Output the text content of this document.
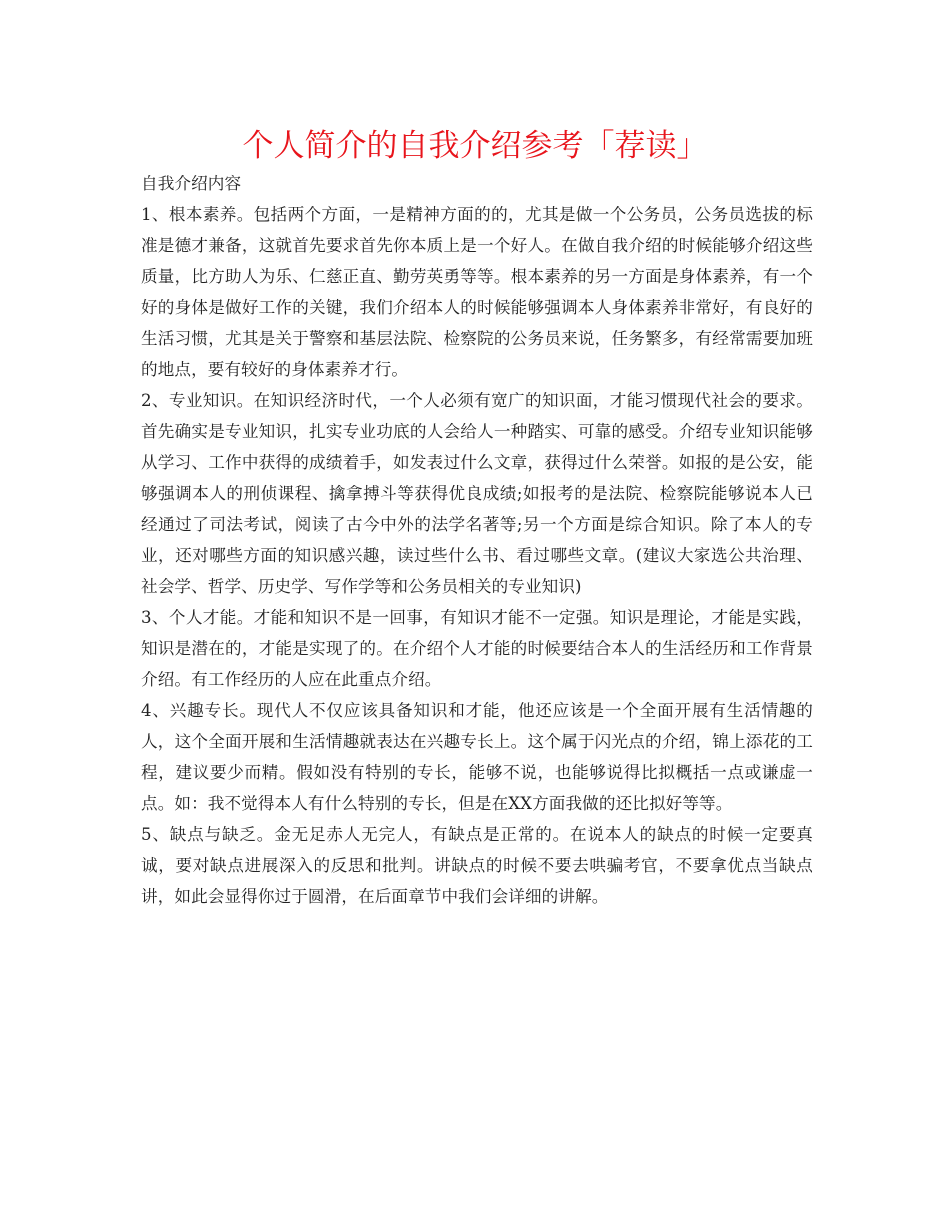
个人简介的自我介绍参考「荐读」

自我介绍内容

1、根本素养。包括两个方面，一是精神方面的的，尤其是做一个公务员，公务员选拔的标准是德才兼备，这就首先要求首先你本质上是一个好人。在做自我介绍的时候能够介绍这些质量，比方助人为乐、仁慈正直、勤劳英勇等等。根本素养的另一方面是身体素养，有一个好的身体是做好工作的关键，我们介绍本人的时候能够强调本人身体素养非常好，有良好的生活习惯，尤其是关于警察和基层法院、检察院的公务员来说，任务繁多，有经常需要加班的地点，要有较好的身体素养才行。

2、专业知识。在知识经济时代，一个人必须有宽广的知识面，才能习惯现代社会的要求。首先确实是专业知识，扎实专业功底的人会给人一种踏实、可靠的感受。介绍专业知识能够从学习、工作中获得的成绩着手，如发表过什么文章，获得过什么荣誉。如报的是公安，能够强调本人的刑侦课程、擒拿搏斗等获得优良成绩;如报考的是法院、检察院能够说本人已经通过了司法考试，阅读了古今中外的法学名著等;另一个方面是综合知识。除了本人的专业，还对哪些方面的知识感兴趣，读过些什么书、看过哪些文章。(建议大家选公共治理、社会学、哲学、历史学、写作学等和公务员相关的专业知识)

3、个人才能。才能和知识不是一回事，有知识才能不一定强。知识是理论，才能是实践，知识是潜在的，才能是实现了的。在介绍个人才能的时候要结合本人的生活经历和工作背景介绍。有工作经历的人应在此重点介绍。

4、兴趣专长。现代人不仅应该具备知识和才能，他还应该是一个全面开展有生活情趣的人，这个全面开展和生活情趣就表达在兴趣专长上。这个属于闪光点的介绍，锦上添花的工程，建议要少而精。假如没有特别的专长，能够不说，也能够说得比拟概括一点或谦虚一点。如：我不觉得本人有什么特别的专长，但是在XX方面我做的还比拟好等等。

5、缺点与缺乏。金无足赤人无完人，有缺点是正常的。在说本人的缺点的时候一定要真诚，要对缺点进展深入的反思和批判。讲缺点的时候不要去哄骗考官，不要拿优点当缺点讲，如此会显得你过于圆滑，在后面章节中我们会详细的讲解。
